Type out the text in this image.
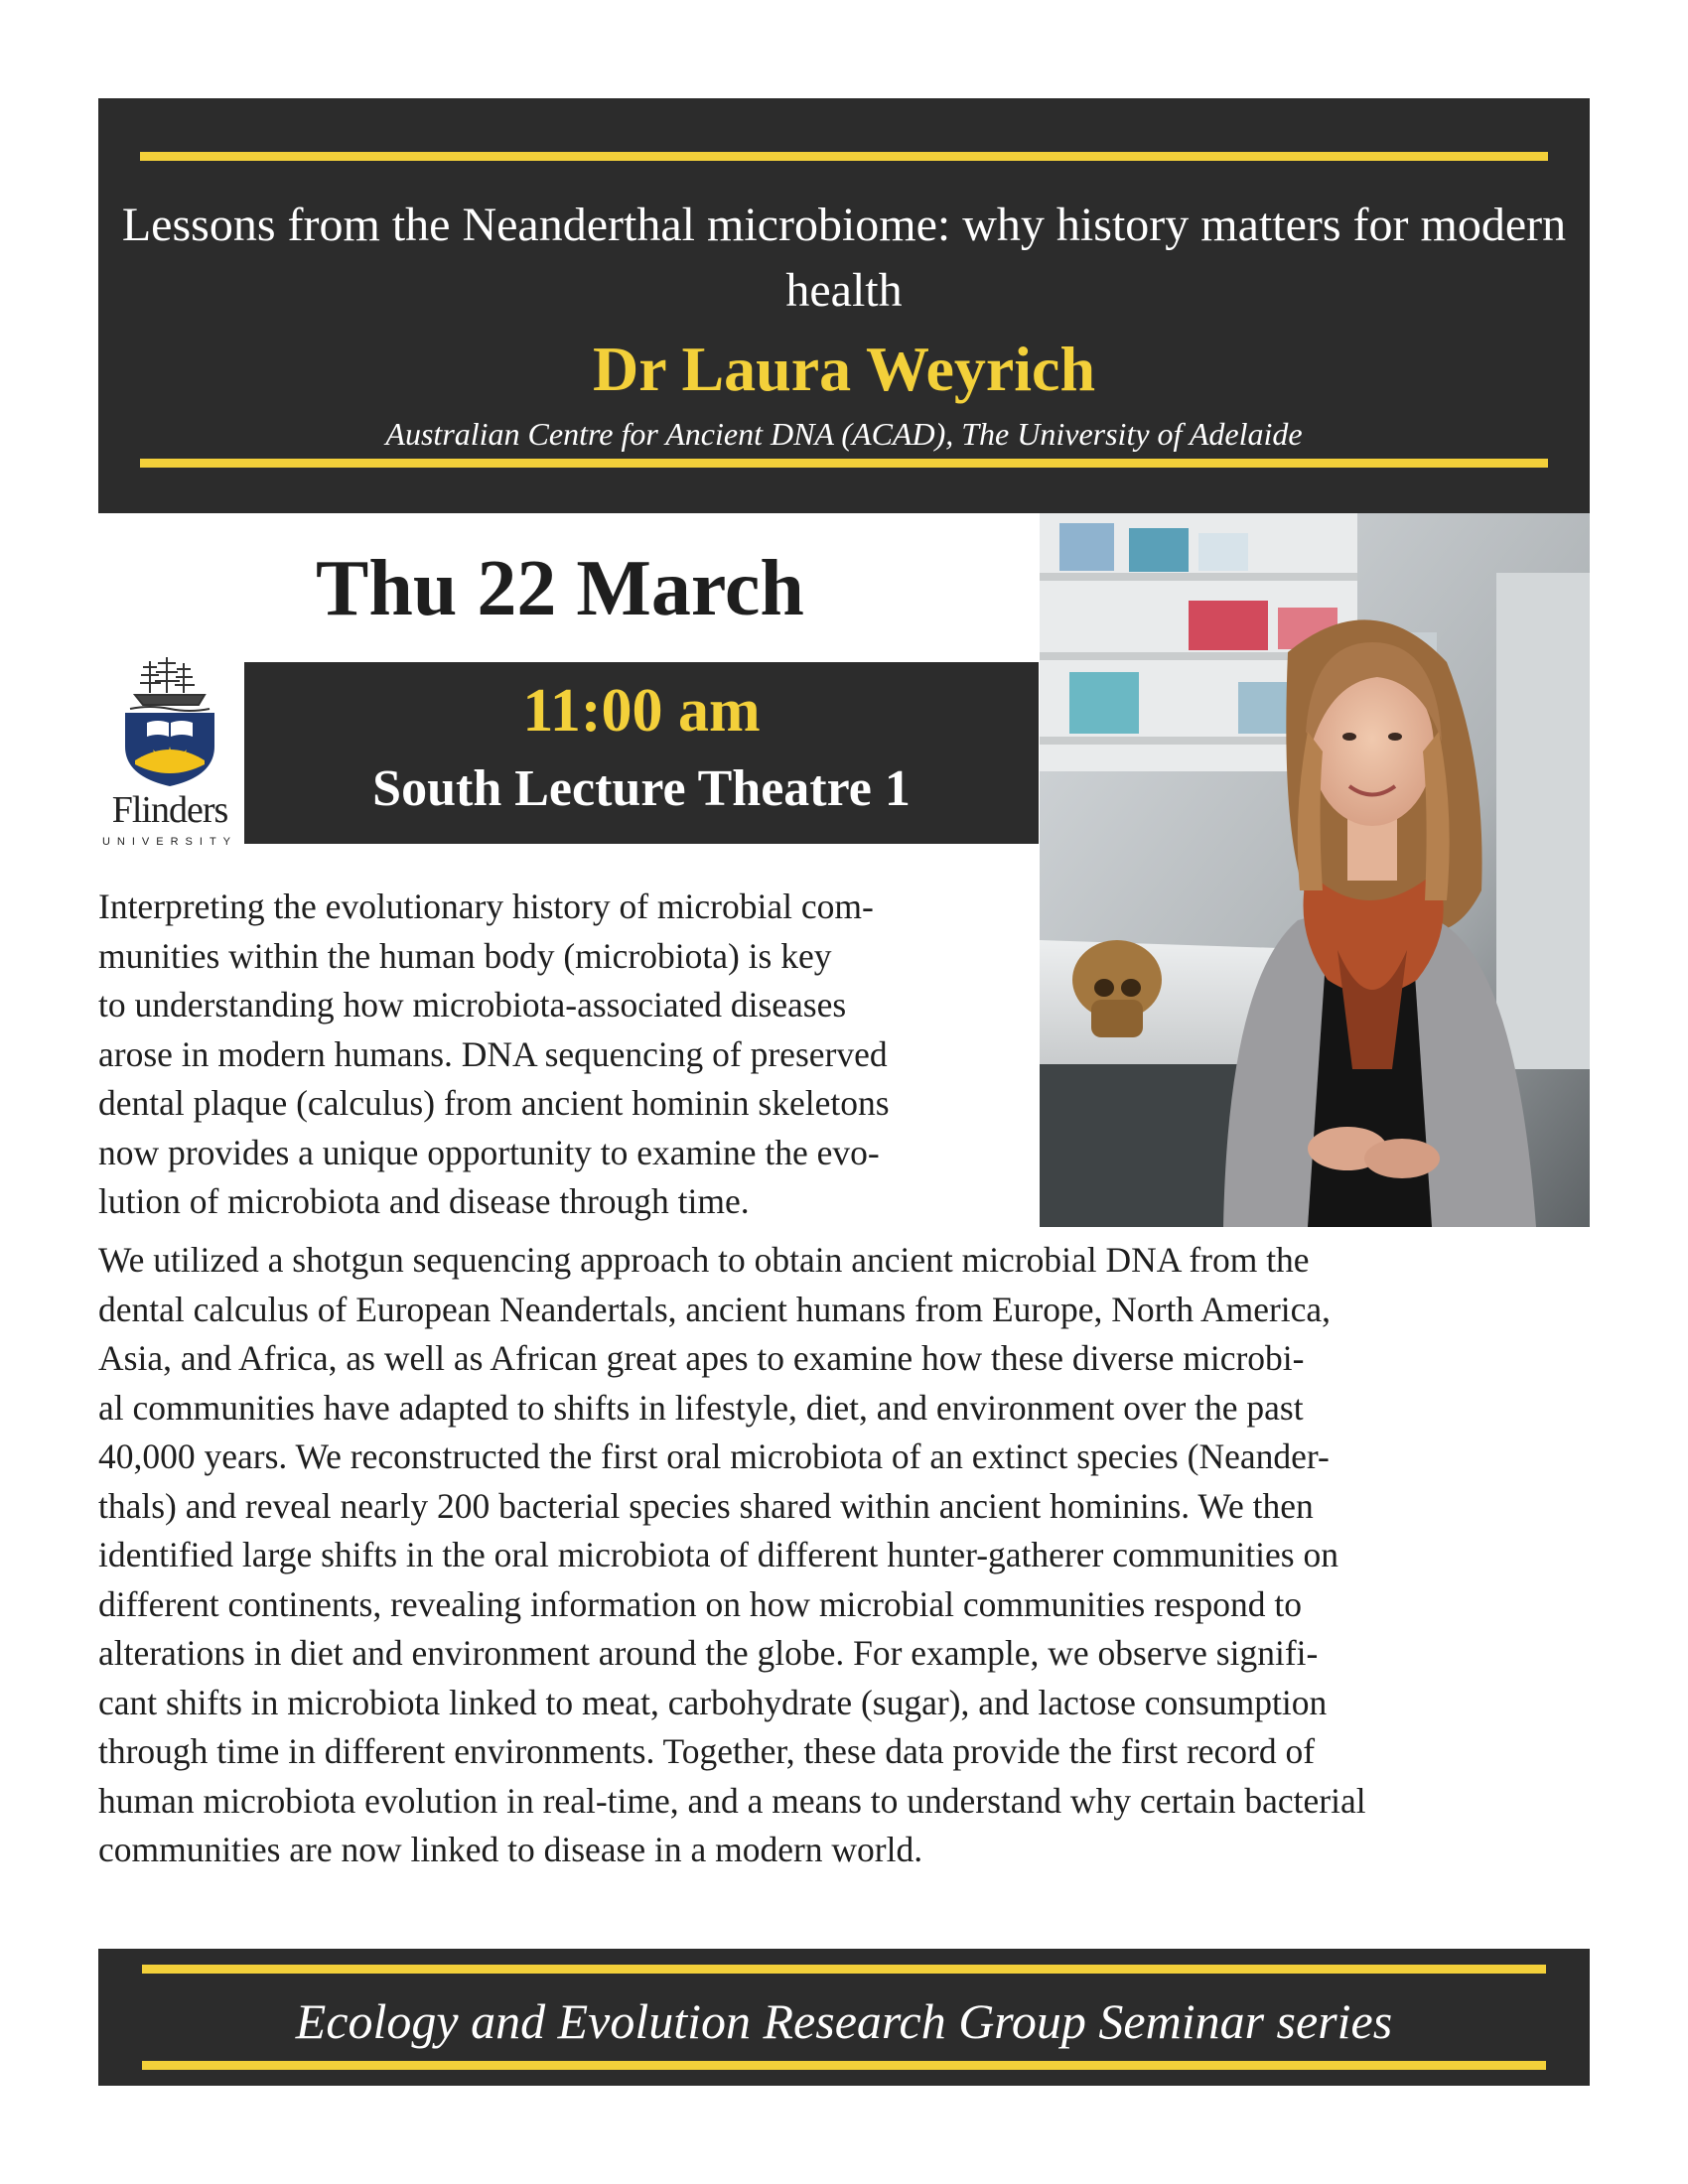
Lessons from the Neanderthal microbiome: why history matters for modern health
Dr Laura Weyrich
Australian Centre for Ancient DNA (ACAD), The University of Adelaide
Thu 22 March
Flinders
UNIVERSITY
11:00 am
South Lecture Theatre 1
Interpreting the evolutionary history of microbial com-
munities within the human body (microbiota) is key
to understanding how microbiota-associated diseases
arose in modern humans. DNA sequencing of preserved
dental plaque (calculus) from ancient hominin skeletons
now provides a unique opportunity to examine the evo-
lution of microbiota and disease through time.
We utilized a shotgun sequencing approach to obtain ancient microbial DNA from the
dental calculus of European Neandertals, ancient humans from Europe, North America,
Asia, and Africa, as well as African great apes to examine how these diverse microbi-
al communities have adapted to shifts in lifestyle, diet, and environment over the past
40,000 years. We reconstructed the first oral microbiota of an extinct species (Neander-
thals) and reveal nearly 200 bacterial species shared within ancient hominins. We then
identified large shifts in the oral microbiota of different hunter-gatherer communities on
different continents, revealing information on how microbial communities respond to
alterations in diet and environment around the globe. For example, we observe signifi-
cant shifts in microbiota linked to meat, carbohydrate (sugar), and lactose consumption
through time in different environments. Together, these data provide the first record of
human microbiota evolution in real-time, and a means to understand why certain bacterial
communities are now linked to disease in a modern world.
Ecology and Evolution Research Group Seminar series
